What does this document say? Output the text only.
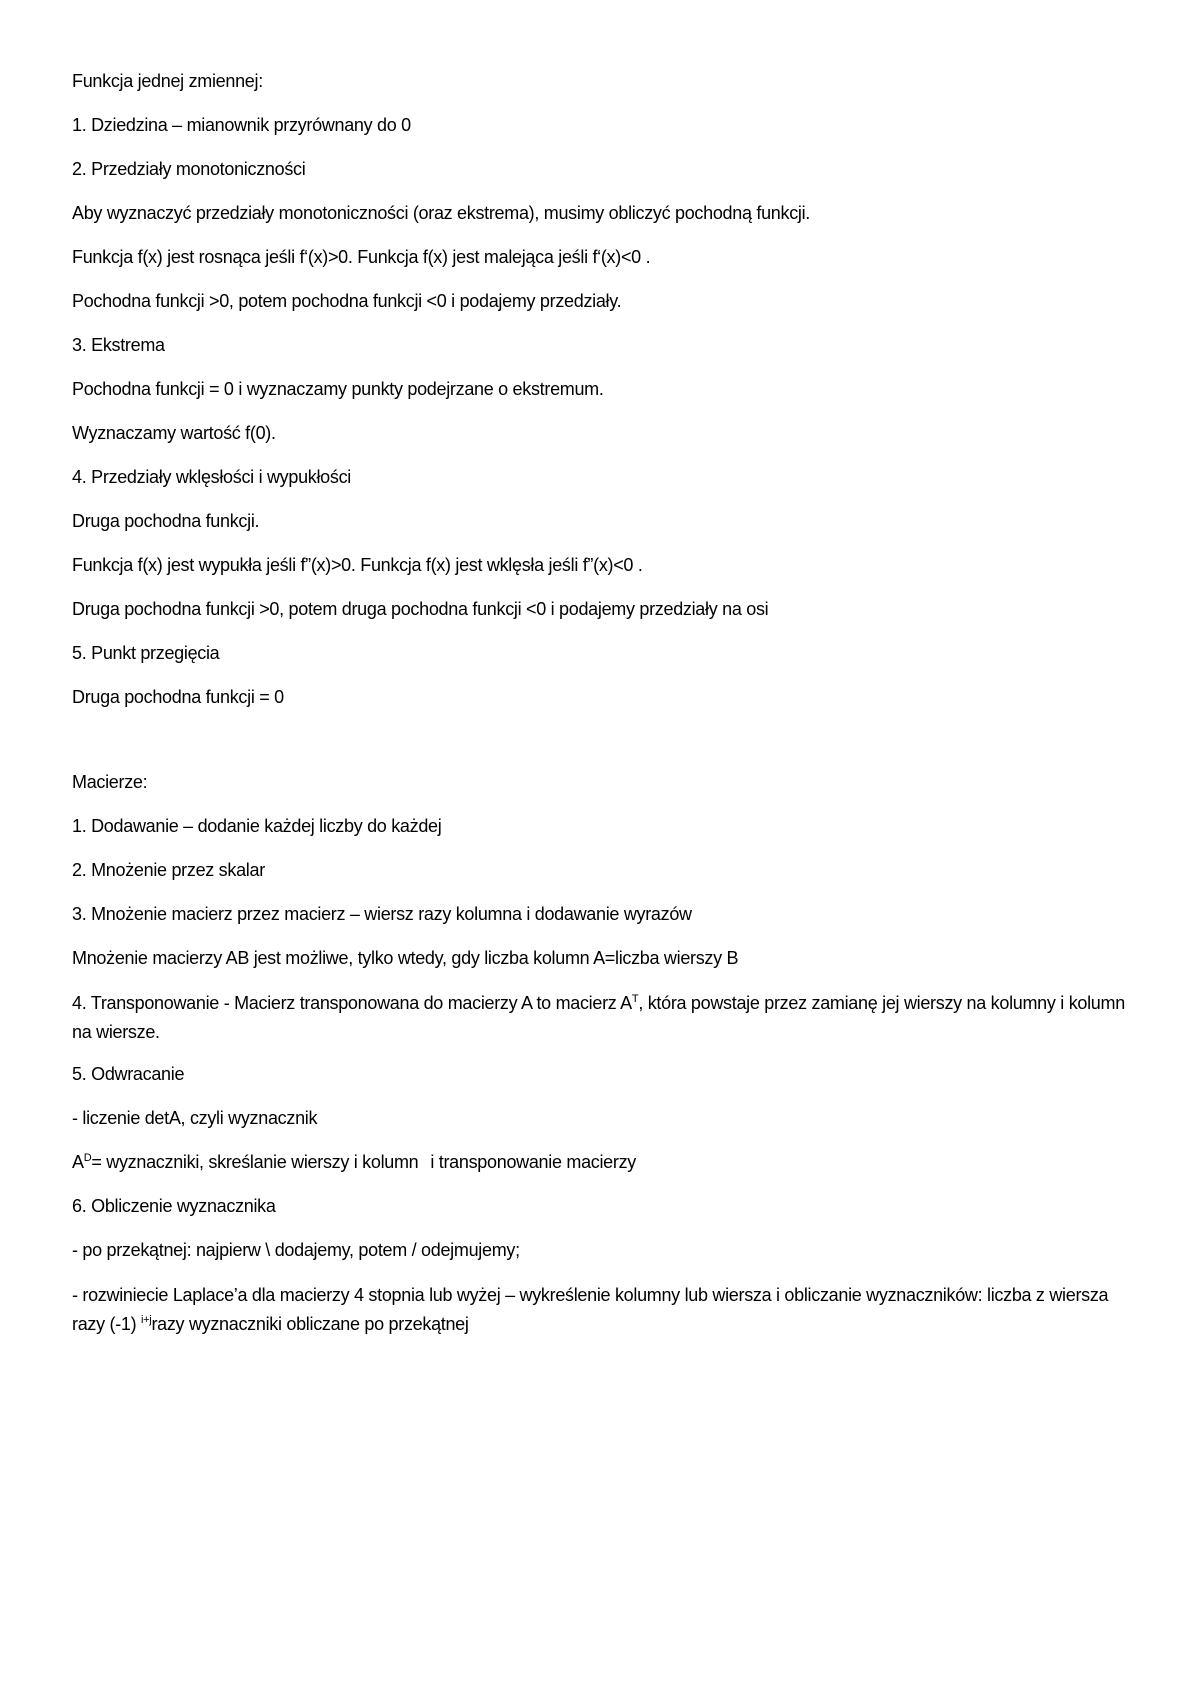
Funkcja jednej zmiennej:
1. Dziedzina – mianownik przyrównany do 0
2. Przedziały monotoniczności
Aby wyznaczyć przedziały monotoniczności (oraz ekstrema), musimy obliczyć pochodną funkcji.
Funkcja f(x) jest rosnąca jeśli f‘(x)>0. Funkcja f(x) jest malejąca jeśli f‘(x)<0 .
Pochodna funkcji >0, potem pochodna funkcji <0 i podajemy przedziały.
3. Ekstrema
Pochodna funkcji = 0 i wyznaczamy punkty podejrzane o ekstremum.
Wyznaczamy wartość f(0).
4. Przedziały wklęsłości i wypukłości
Druga pochodna funkcji.
Funkcja f(x) jest wypukła jeśli f”(x)>0. Funkcja f(x) jest wklęsła jeśli f”(x)<0 .
Druga pochodna funkcji >0, potem druga pochodna funkcji <0 i podajemy przedziały na osi
5. Punkt przegięcia
Druga pochodna funkcji = 0
Macierze:
1. Dodawanie – dodanie każdej liczby do każdej
2. Mnożenie przez skalar
3. Mnożenie macierz przez macierz – wiersz razy kolumna i dodawanie wyrazów
Mnożenie macierzy AB jest możliwe, tylko wtedy, gdy liczba kolumn A=liczba wierszy B
4. Transponowanie - Macierz transponowana do macierzy A to macierz $A^T$, która powstaje przez zamianę jej wierszy na kolumny i kolumn na wiersze.
5. Odwracanie
- liczenie detA, czyli wyznacznik
$A^D=$ wyznaczniki, skreślanie wierszy i kolumn i transponowanie macierzy
6. Obliczenie wyznacznika
- po przekątnej: najpierw \ dodajemy, potem / odejmujemy;
- rozwiniecie Laplace’a dla macierzy 4 stopnia lub wyżej – wykreślenie kolumny lub wiersza i obliczanie wyznaczników: liczba z wiersza razy (-1) $^{i+j}$razy wyznaczniki obliczane po przekątnej
